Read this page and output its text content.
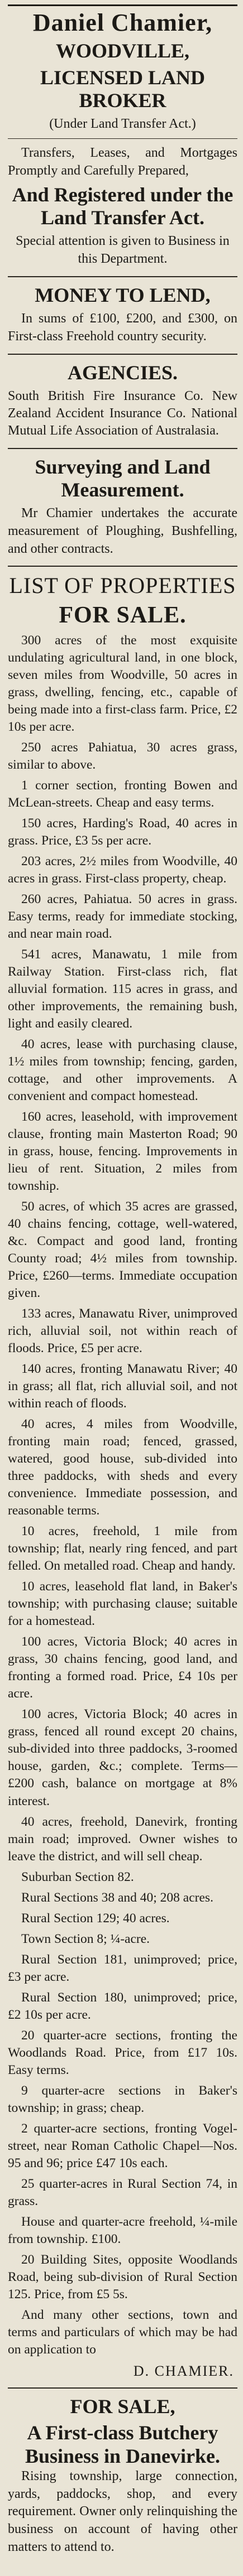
Daniel Chamier,
WOODVILLE,
LICENSED LAND BROKER
(Under Land Transfer Act.)

Transfers, Leases, and Mortgages Promptly and Carefully Prepared,

And Registered under the Land Transfer Act.

Special attention is given to Business in this Department.

MONEY TO LEND,

In sums of £100, £200, and £300, on First-class Freehold country security.

AGENCIES.

South British Fire Insurance Co. New Zealand Accident Insurance Co. National Mutual Life Association of Australasia.

Surveying and Land Measurement.

Mr Chamier undertakes the accurate measurement of Ploughing, Bushfelling, and other contracts.

LIST OF PROPERTIES
FOR SALE.

300 acres of the most exquisite undulating agricultural land, in one block, seven miles from Woodville, 50 acres in grass, dwelling, fencing, etc., capable of being made into a first-class farm. Price, £2 10s per acre.

250 acres Pahiatua, 30 acres grass, similar to above.

1 corner section, fronting Bowen and McLean-streets. Cheap and easy terms.

150 acres, Harding's Road, 40 acres in grass. Price, £3 5s per acre.

203 acres, 2½ miles from Woodville, 40 acres in grass. First-class property, cheap.

260 acres, Pahiatua. 50 acres in grass. Easy terms, ready for immediate stocking, and near main road.

541 acres, Manawatu, 1 mile from Railway Station. First-class rich, flat alluvial formation. 115 acres in grass, and other improvements, the remaining bush, light and easily cleared.

40 acres, lease with purchasing clause, 1½ miles from township; fencing, garden, cottage, and other improvements. A convenient and compact homestead.

160 acres, leasehold, with improvement clause, fronting main Masterton Road; 90 in grass, house, fencing. Improvements in lieu of rent. Situation, 2 miles from township.

50 acres, of which 35 acres are grassed, 40 chains fencing, cottage, well-watered, &c. Compact and good land, fronting County road; 4½ miles from township. Price, £260—terms. Immediate occupation given.

133 acres, Manawatu River, unimproved rich, alluvial soil, not within reach of floods. Price, £5 per acre.

140 acres, fronting Manawatu River; 40 in grass; all flat, rich alluvial soil, and not within reach of floods.

40 acres, 4 miles from Woodville, fronting main road; fenced, grassed, watered, good house, sub-divided into three paddocks, with sheds and every convenience. Immediate possession, and reasonable terms.

10 acres, freehold, 1 mile from township; flat, nearly ring fenced, and part felled. On metalled road. Cheap and handy.

10 acres, leasehold flat land, in Baker's township; with purchasing clause; suitable for a homestead.

100 acres, Victoria Block; 40 acres in grass, 30 chains fencing, good land, and fronting a formed road. Price, £4 10s per acre.

100 acres, Victoria Block; 40 acres in grass, fenced all round except 20 chains, sub-divided into three paddocks, 3-roomed house, garden, &c.; complete. Terms—£200 cash, balance on mortgage at 8% interest.

40 acres, freehold, Danevirk, fronting main road; improved. Owner wishes to leave the district, and will sell cheap.

Suburban Section 82.

Rural Sections 38 and 40; 208 acres.

Rural Section 129; 40 acres.

Town Section 8; ¼-acre.

Rural Section 181, unimproved; price, £3 per acre.

Rural Section 180, unimproved; price, £2 10s per acre.

20 quarter-acre sections, fronting the Woodlands Road. Price, from £17 10s. Easy terms.

9 quarter-acre sections in Baker's township; in grass; cheap.

2 quarter-acre sections, fronting Vogel-street, near Roman Catholic Chapel—Nos. 95 and 96; price £47 10s each.

25 quarter-acres in Rural Section 74, in grass.

House and quarter-acre freehold, ¼-mile from township. £100.

20 Building Sites, opposite Woodlands Road, being sub-division of Rural Section 125. Price, from £5 5s.

And many other sections, town and terms and particulars of which may be had on application to

D. CHAMIER.
FOR SALE,
A First-class Butchery Business in Danevirke.

Rising township, large connection, yards, paddocks, shop, and every requirement. Owner only relinquishing the business on account of having other matters to attend to.
